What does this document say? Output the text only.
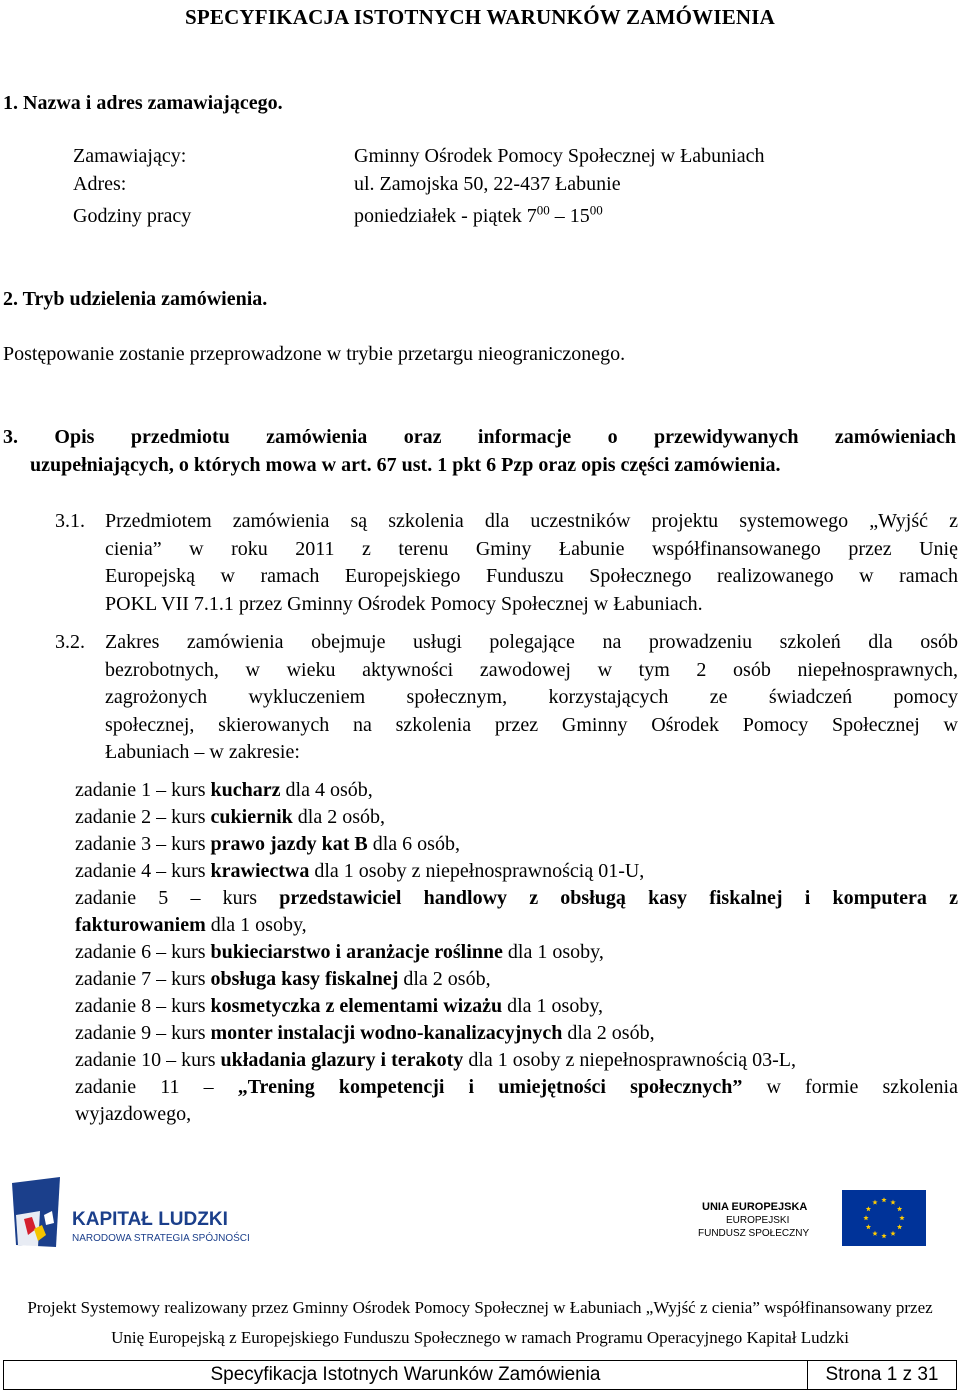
SPECYFIKACJA ISTOTNYCH WARUNKÓW ZAMÓWIENIA
1. Nazwa i adres zamawiającego.
Zamawiający:	Gminny Ośrodek Pomocy Społecznej w Łabuniach
Adres:	ul. Zamojska 50, 22-437 Łabunie
Godziny pracy	poniedziałek - piątek $7^{00} - 15^{00}$
2. Tryb udzielenia zamówienia.
Postępowanie zostanie przeprowadzone w trybie przetargu nieograniczonego.
3. Opis przedmiotu zamówienia oraz informacje o przewidywanych zamówieniach
uzupełniających, o których mowa w art. 67 ust. 1 pkt 6 Pzp oraz opis części zamówienia.
3.1. Przedmiotem zamówienia są szkolenia dla uczestników projektu systemowego „Wyjść z
cienia” w roku 2011 z terenu Gminy Łabunie współfinansowanego przez Unię
Europejską w ramach Europejskiego Funduszu Społecznego realizowanego w ramach
POKL VII 7.1.1 przez Gminny Ośrodek Pomocy Społecznej w Łabuniach.
3.2. Zakres zamówienia obejmuje usługi polegające na prowadzeniu szkoleń dla osób
bezrobotnych, w wieku aktywności zawodowej w tym 2 osób niepełnosprawnych,
zagrożonych wykluczeniem społecznym, korzystających ze świadczeń pomocy
społecznej, skierowanych na szkolenia przez Gminny Ośrodek Pomocy Społecznej w
Łabuniach – w zakresie:
zadanie 1 – kurs kucharz dla 4 osób,
zadanie 2 – kurs cukiernik dla 2 osób,
zadanie 3 – kurs prawo jazdy kat B dla 6 osób,
zadanie 4 – kurs krawiectwa dla 1 osoby z niepełnosprawnością 01-U,
zadanie 5 – kurs przedstawiciel handlowy z obsługą kasy fiskalnej i komputera z
fakturowaniem dla 1 osoby,
zadanie 6 – kurs bukieciarstwo i aranżacje roślinne dla 1 osoby,
zadanie 7 – kurs obsługa kasy fiskalnej dla 2 osób,
zadanie 8 – kurs kosmetyczka z elementami wizażu dla 1 osoby,
zadanie 9 – kurs monter instalacji wodno-kanalizacyjnych dla 2 osób,
zadanie 10 – kurs układania glazury i terakoty dla 1 osoby z niepełnosprawnością 03-L,
zadanie 11 – „Trening kompetencji i umiejętności społecznych” w formie szkolenia
wyjazdowego,
KAPITAŁ LUDZKI
NARODOWA STRATEGIA SPÓJNOŚCI
UNIA EUROPEJSKA
EUROPEJSKI
FUNDUSZ SPOŁECZNY
Projekt Systemowy realizowany przez Gminny Ośrodek Pomocy Społecznej w Łabuniach „Wyjść z cienia” współfinansowany przez
Unię Europejską z Europejskiego Funduszu Społecznego w ramach Programu Operacyjnego Kapitał Ludzki
Specyfikacja Istotnych Warunków Zamówienia	Strona 1 z 31
